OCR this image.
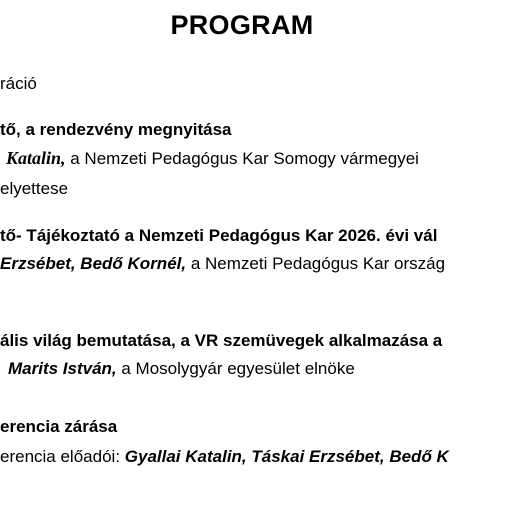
PROGRAM
ráció
tő, a rendezvény megnyitása
Katalin, a Nemzeti Pedagógus Kar Somogy vármegyei
elyettese
tő- Tájékoztató a Nemzeti Pedagógus Kar 2026. évi vál
Erzsébet, Bedő Kornél, a Nemzeti Pedagógus Kar ország
ális világ bemutatása, a VR szemüvegek alkalmazása a
Marits István, a Mosolygyár egyesület elnöke
erencia zárása
erencia előadói: Gyallai Katalin, Táskai Erzsébet, Bedő K
